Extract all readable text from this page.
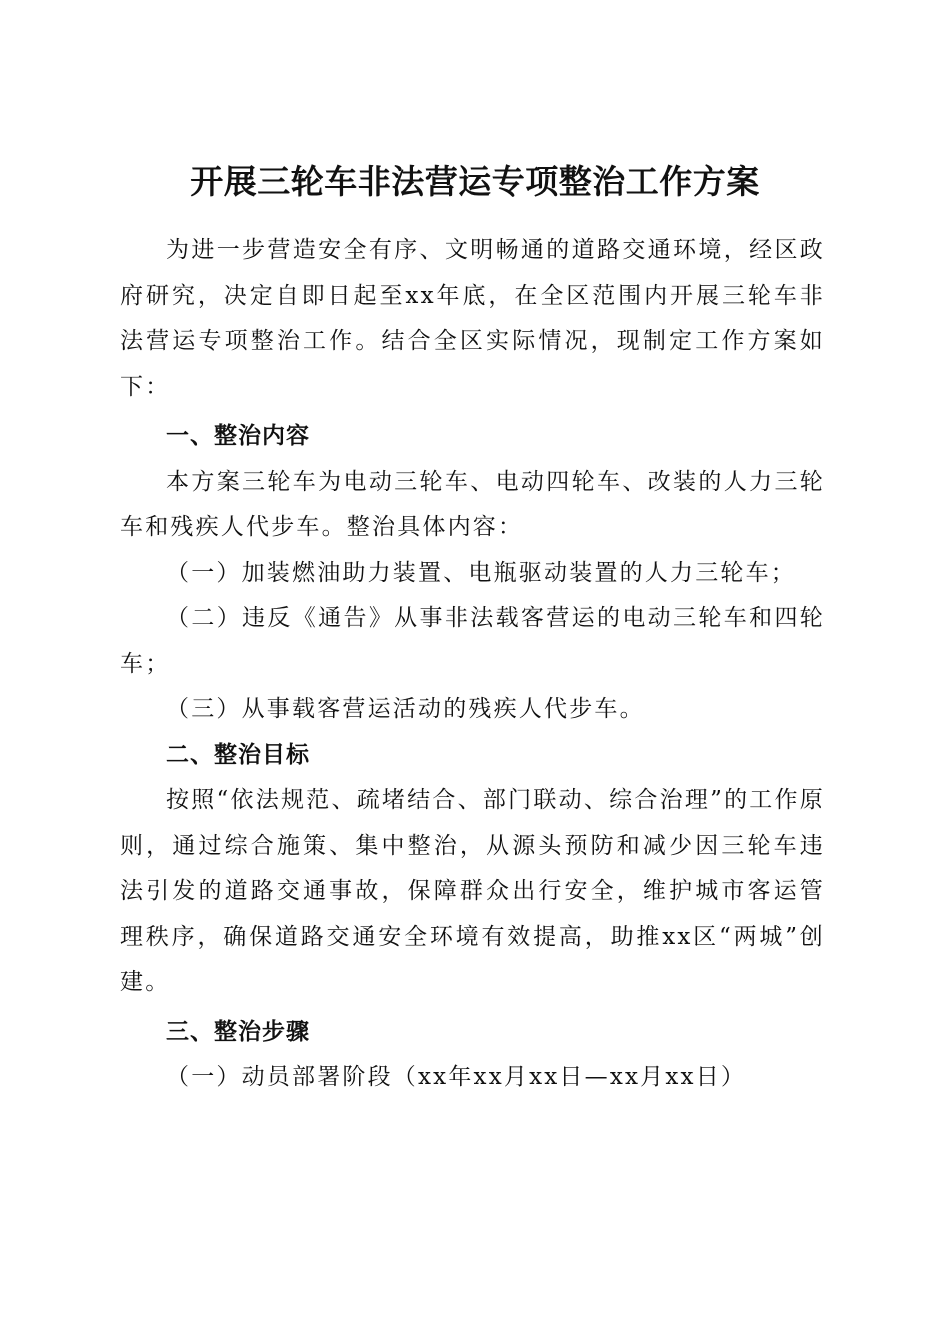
开展三轮车非法营运专项整治工作方案

为进一步营造安全有序、文明畅通的道路交通环境，经区政府研究，决定自即日起至xx年底，在全区范围内开展三轮车非法营运专项整治工作。结合全区实际情况，现制定工作方案如下：

一、整治内容

本方案三轮车为电动三轮车、电动四轮车、改装的人力三轮车和残疾人代步车。整治具体内容：

（一）加装燃油助力装置、电瓶驱动装置的人力三轮车；

（二）违反《通告》从事非法载客营运的电动三轮车和四轮车；

（三）从事载客营运活动的残疾人代步车。

二、整治目标

按照“依法规范、疏堵结合、部门联动、综合治理”的工作原则，通过综合施策、集中整治，从源头预防和减少因三轮车违法引发的道路交通事故，保障群众出行安全，维护城市客运管理秩序，确保道路交通安全环境有效提高，助推xx区“两城”创建。

三、整治步骤

（一）动员部署阶段（xx年xx月xx日—xx月xx日）
